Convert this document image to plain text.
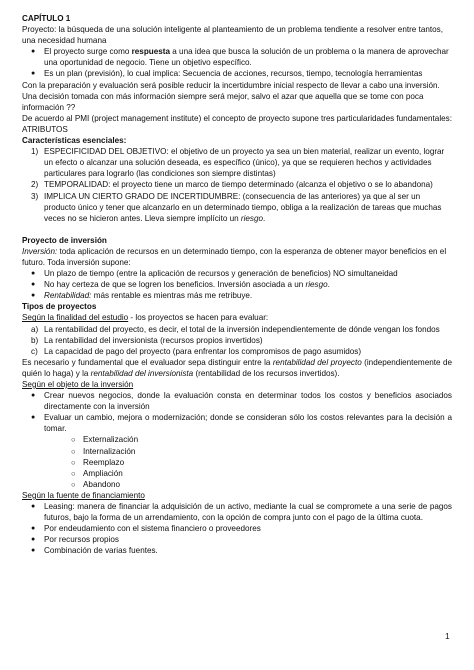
CAPÍTULO 1

Proyecto: la búsqueda de una solución inteligente al planteamiento de un problema tendiente a resolver entre tantos, una necesidad humana

● El proyecto surge como respuesta a una idea que busca la solución de un problema o la manera de aprovechar una oportunidad de negocio. Tiene un objetivo específico.
● Es un plan (previsión), lo cual implica: Secuencia de acciones, recursos, tiempo, tecnología herramientas

Con la preparación y evaluación será posible reducir la incertidumbre inicial respecto de llevar a cabo una inversión. Una decisión tomada con más información siempre será mejor, salvo el azar que aquella que se tome con poca información ??

De acuerdo al PMI (project management institute) el concepto de proyecto supone tres particularidades fundamentales: ATRIBUTOS

Características esenciales:

1) ESPECIFICIDAD DEL OBJETIVO: el objetivo de un proyecto ya sea un bien material, realizar un evento, lograr un efecto o alcanzar una solución deseada, es específico (único), ya que se requieren hechos y actividades particulares para lograrlo (las condiciones son siempre distintas)
2) TEMPORALIDAD: el proyecto tiene un marco de tiempo determinado (alcanza el objetivo o se lo abandona)
3) IMPLICA UN CIERTO GRADO DE INCERTIDUMBRE: (consecuencia de las anteriores) ya que al ser un producto único y tener que alcanzarlo en un determinado tiempo, obliga a la realización de tareas que muchas veces no se hicieron antes. Lleva siempre implícito un riesgo.

Proyecto de inversión

Inversión: toda aplicación de recursos en un determinado tiempo, con la esperanza de obtener mayor beneficios en el futuro. Toda inversión supone:

● Un plazo de tiempo (entre la aplicación de recursos y generación de beneficios) NO simultaneidad
● No hay certeza de que se logren los beneficios. Inversión asociada a un riesgo.
● Rentabilidad: más rentable es mientras más me retribuye.

Tipos de proyectos

Según la finalidad del estudio - los proyectos se hacen para evaluar:

a) La rentabilidad del proyecto, es decir, el total de la inversión independientemente de dónde vengan los fondos
b) La rentabilidad del inversionista (recursos propios invertidos)
c) La capacidad de pago del proyecto (para enfrentar los compromisos de pago asumidos)

Es necesario y fundamental que el evaluador sepa distinguir entre la rentabilidad del proyecto (independientemente de quién lo haga) y la rentabilidad del inversionista (rentabilidad de los recursos invertidos).

Según el objeto de la inversión

● Crear nuevos negocios, donde la evaluación consta en determinar todos los costos y beneficios asociados directamente con la inversión
● Evaluar un cambio, mejora o modernización; donde se consideran sólo los costos relevantes para la decisión a tomar.
○ Externalización
○ Internalización
○ Reemplazo
○ Ampliación
○ Abandono

Según la fuente de financiamiento

● Leasing: manera de financiar la adquisición de un activo, mediante la cual se compromete a una serie de pagos futuros, bajo la forma de un arrendamiento, con la opción de compra junto con el pago de la última cuota.
● Por endeudamiento con el sistema financiero o proveedores
● Por recursos propios
● Combinación de varias fuentes.
1
